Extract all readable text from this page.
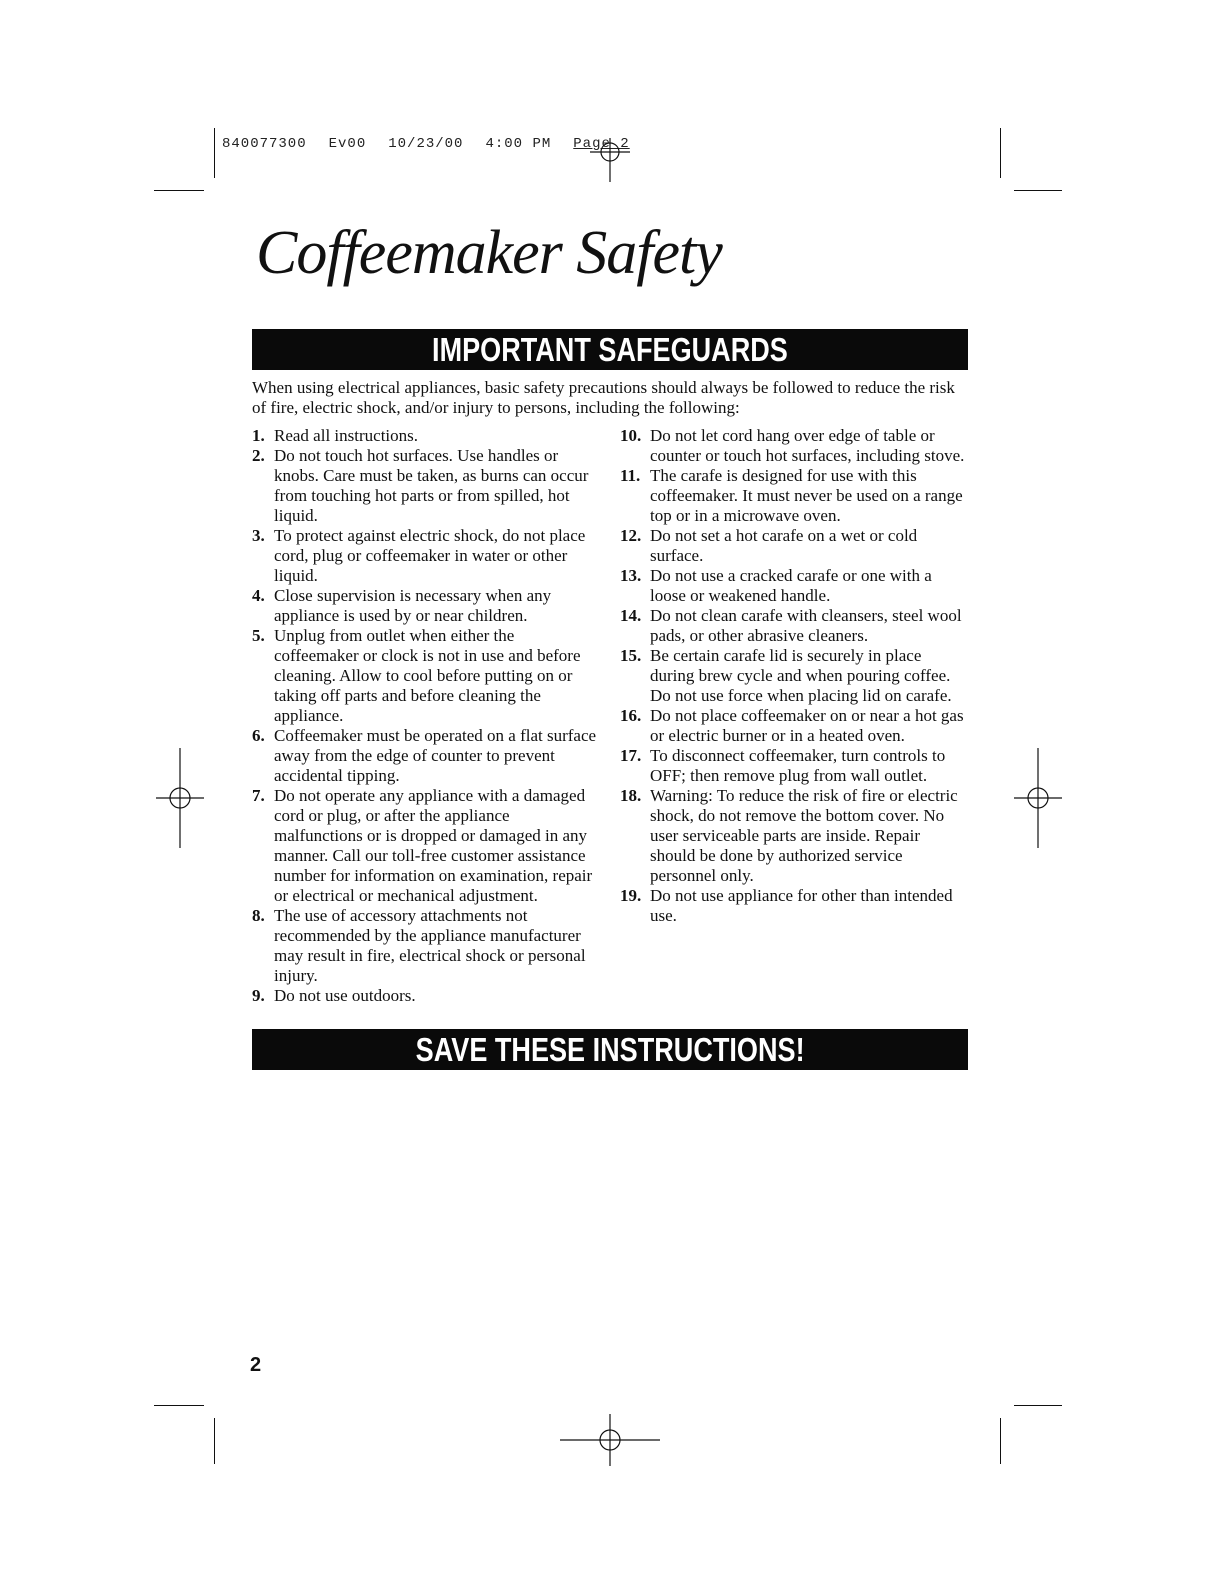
840077300 Ev00 10/23/00 4:00 PM Page 2
Coffeemaker Safety
IMPORTANT SAFEGUARDS
When using electrical appliances, basic safety precautions should always be followed to reduce the risk of fire, electric shock, and/or injury to persons, including the following:
1. Read all instructions.
2. Do not touch hot surfaces. Use handles or knobs. Care must be taken, as burns can occur from touching hot parts or from spilled, hot liquid.
3. To protect against electric shock, do not place cord, plug or coffeemaker in water or other liquid.
4. Close supervision is necessary when any appliance is used by or near children.
5. Unplug from outlet when either the coffeemaker or clock is not in use and before cleaning. Allow to cool before putting on or taking off parts and before cleaning the appliance.
6. Coffeemaker must be operated on a flat surface away from the edge of counter to prevent accidental tipping.
7. Do not operate any appliance with a damaged cord or plug, or after the appliance malfunctions or is dropped or damaged in any manner. Call our toll-free customer assistance number for information on examination, repair or electrical or mechanical adjustment.
8. The use of accessory attachments not recommended by the appliance manufacturer may result in fire, electrical shock or personal injury.
9. Do not use outdoors.
10. Do not let cord hang over edge of table or counter or touch hot surfaces, including stove.
11. The carafe is designed for use with this coffeemaker. It must never be used on a range top or in a microwave oven.
12. Do not set a hot carafe on a wet or cold surface.
13. Do not use a cracked carafe or one with a loose or weakened handle.
14. Do not clean carafe with cleansers, steel wool pads, or other abrasive cleaners.
15. Be certain carafe lid is securely in place during brew cycle and when pouring coffee. Do not use force when placing lid on carafe.
16. Do not place coffeemaker on or near a hot gas or electric burner or in a heated oven.
17. To disconnect coffeemaker, turn controls to OFF; then remove plug from wall outlet.
18. Warning: To reduce the risk of fire or electric shock, do not remove the bottom cover. No user serviceable parts are inside. Repair should be done by authorized service personnel only.
19. Do not use appliance for other than intended use.
SAVE THESE INSTRUCTIONS!
2
